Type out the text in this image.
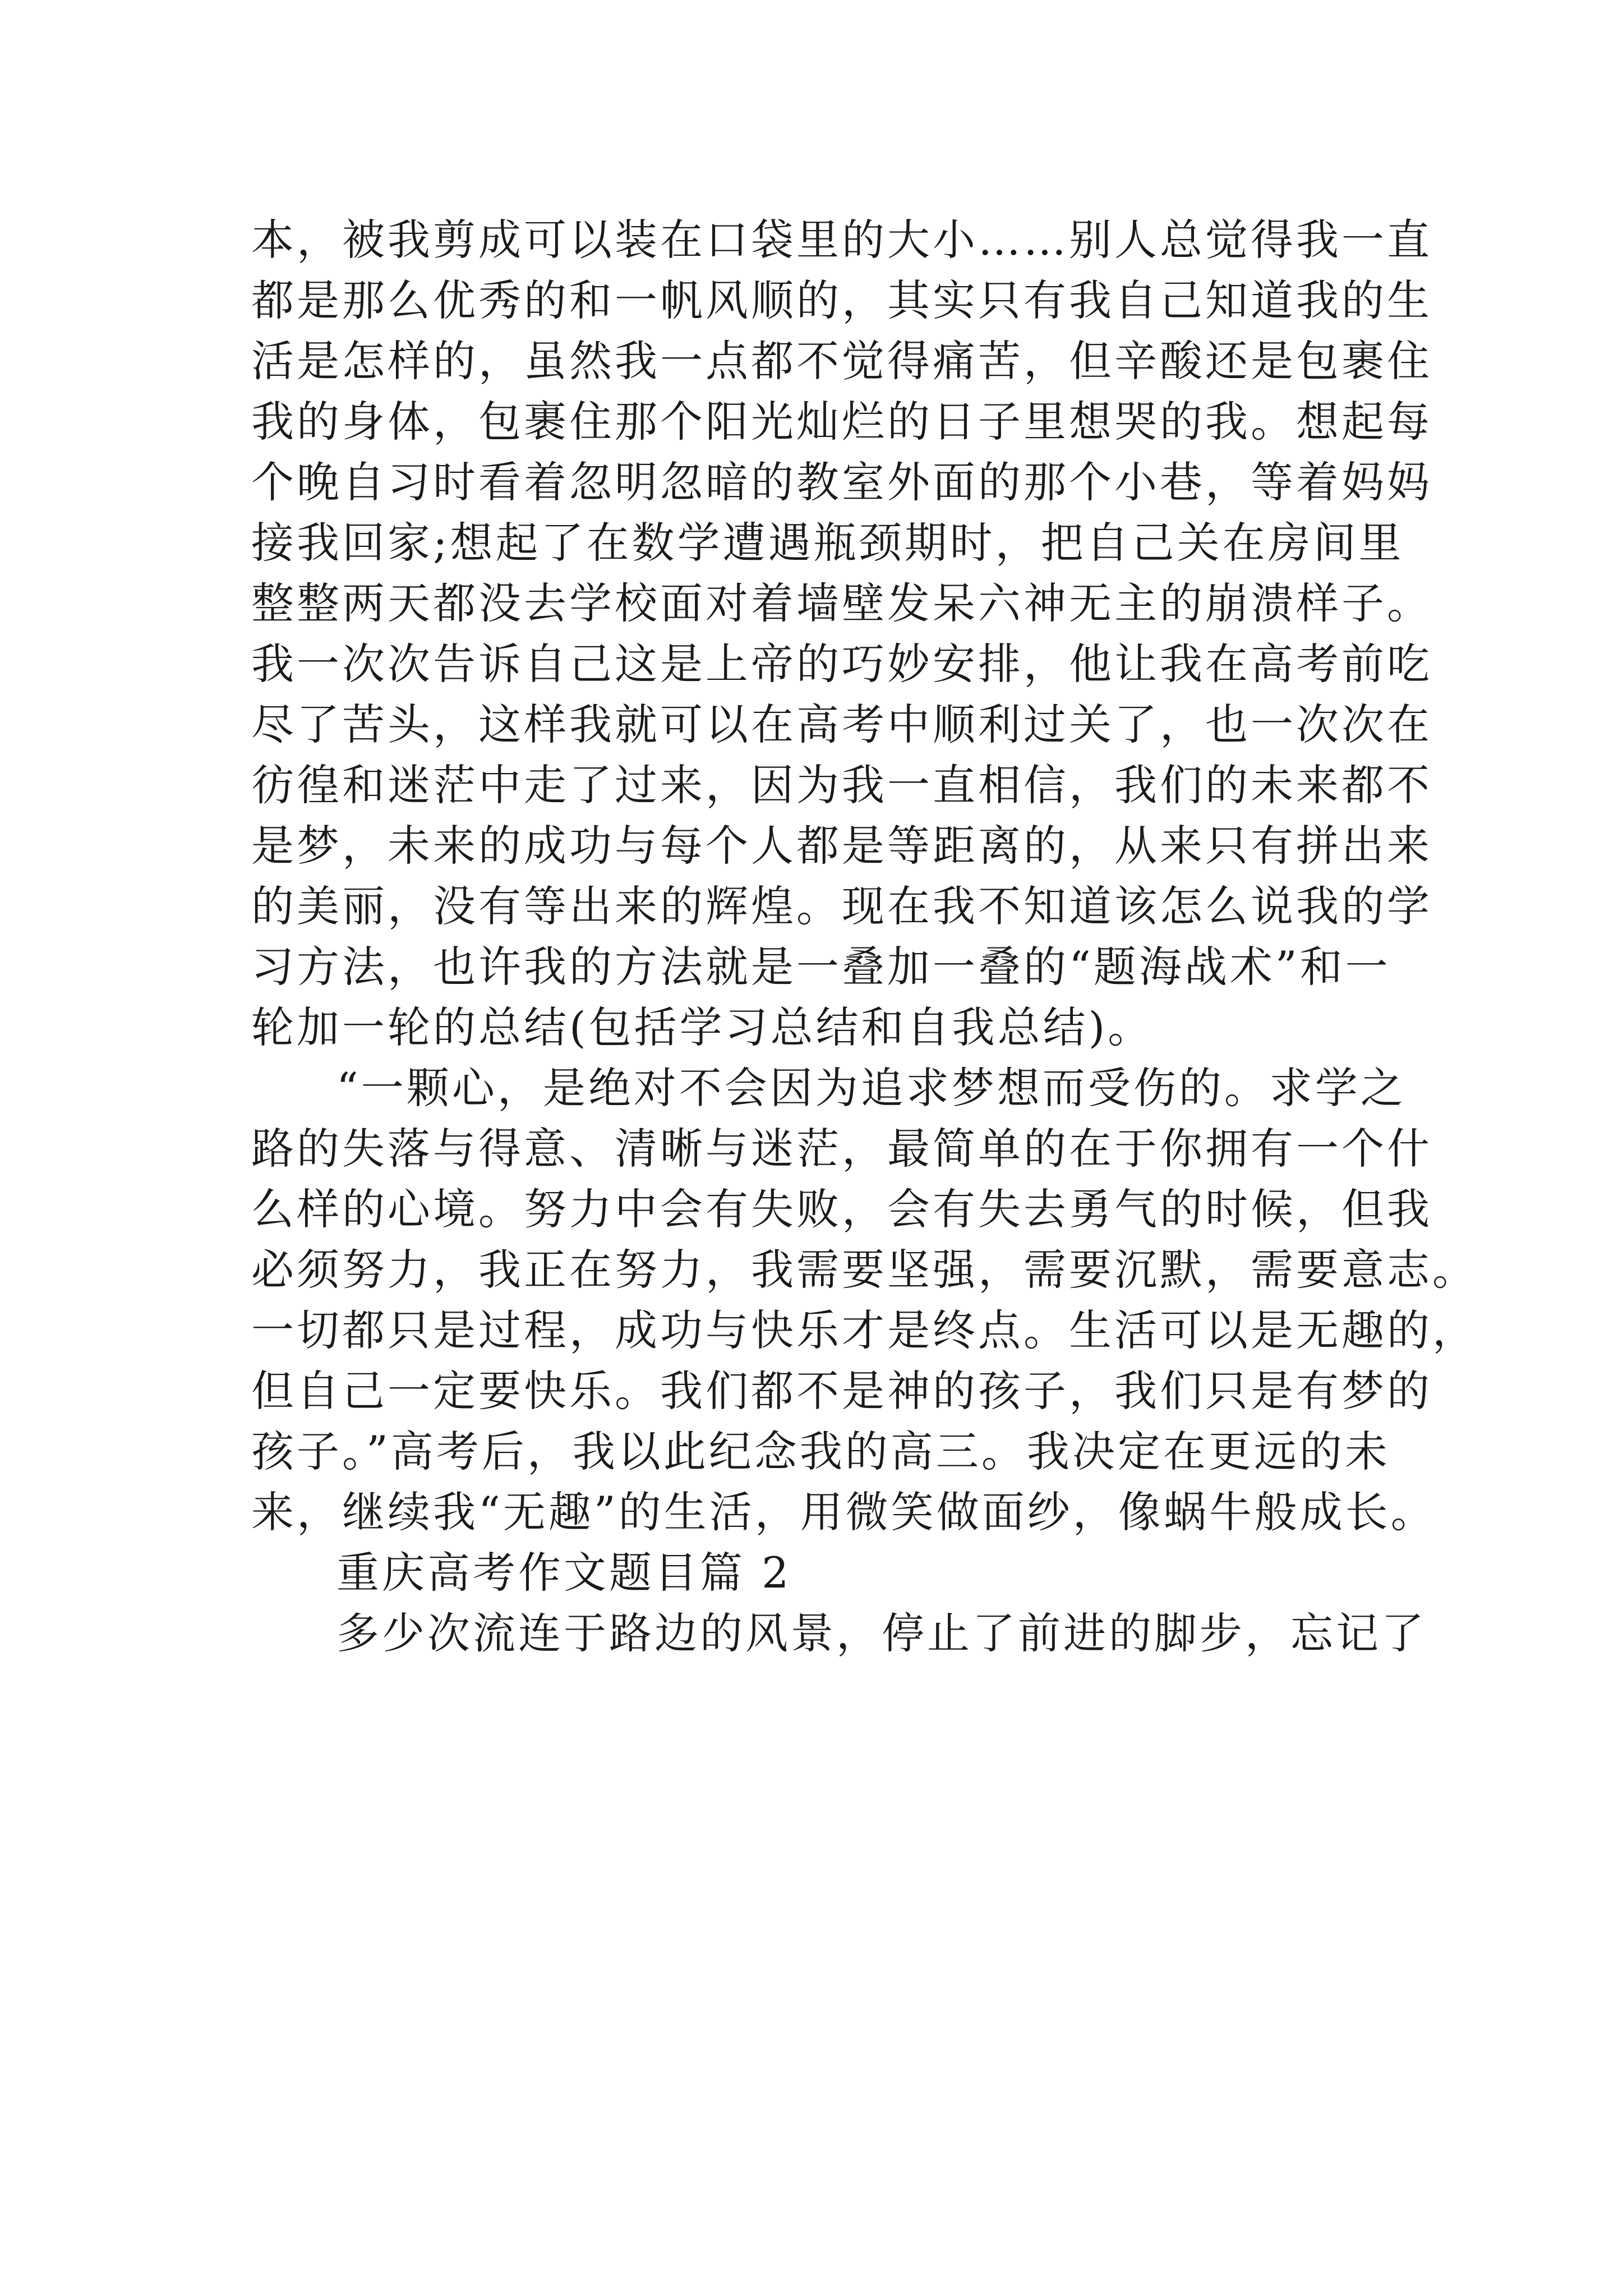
本，被我剪成可以装在口袋里的大小……别人总觉得我一直
都是那么优秀的和一帆风顺的，其实只有我自己知道我的生
活是怎样的，虽然我一点都不觉得痛苦，但辛酸还是包裹住
我的身体，包裹住那个阳光灿烂的日子里想哭的我。想起每
个晚自习时看着忽明忽暗的教室外面的那个小巷，等着妈妈
接我回家;想起了在数学遭遇瓶颈期时，把自己关在房间里
整整两天都没去学校面对着墙壁发呆六神无主的崩溃样子。
我一次次告诉自己这是上帝的巧妙安排，他让我在高考前吃
尽了苦头，这样我就可以在高考中顺利过关了，也一次次在
彷徨和迷茫中走了过来，因为我一直相信，我们的未来都不
是梦，未来的成功与每个人都是等距离的，从来只有拼出来
的美丽，没有等出来的辉煌。现在我不知道该怎么说我的学
习方法，也许我的方法就是一叠加一叠的“题海战术”和一
轮加一轮的总结(包括学习总结和自我总结)。
“一颗心，是绝对不会因为追求梦想而受伤的。求学之
路的失落与得意、清晰与迷茫，最简单的在于你拥有一个什
么样的心境。努力中会有失败，会有失去勇气的时候，但我
必须努力，我正在努力，我需要坚强，需要沉默，需要意志。
一切都只是过程，成功与快乐才是终点。生活可以是无趣的，
但自己一定要快乐。我们都不是神的孩子，我们只是有梦的
孩子。”高考后，我以此纪念我的高三。我决定在更远的未
来，继续我“无趣”的生活，用微笑做面纱，像蜗牛般成长。
重庆高考作文题目篇 2
多少次流连于路边的风景，停止了前进的脚步，忘记了
